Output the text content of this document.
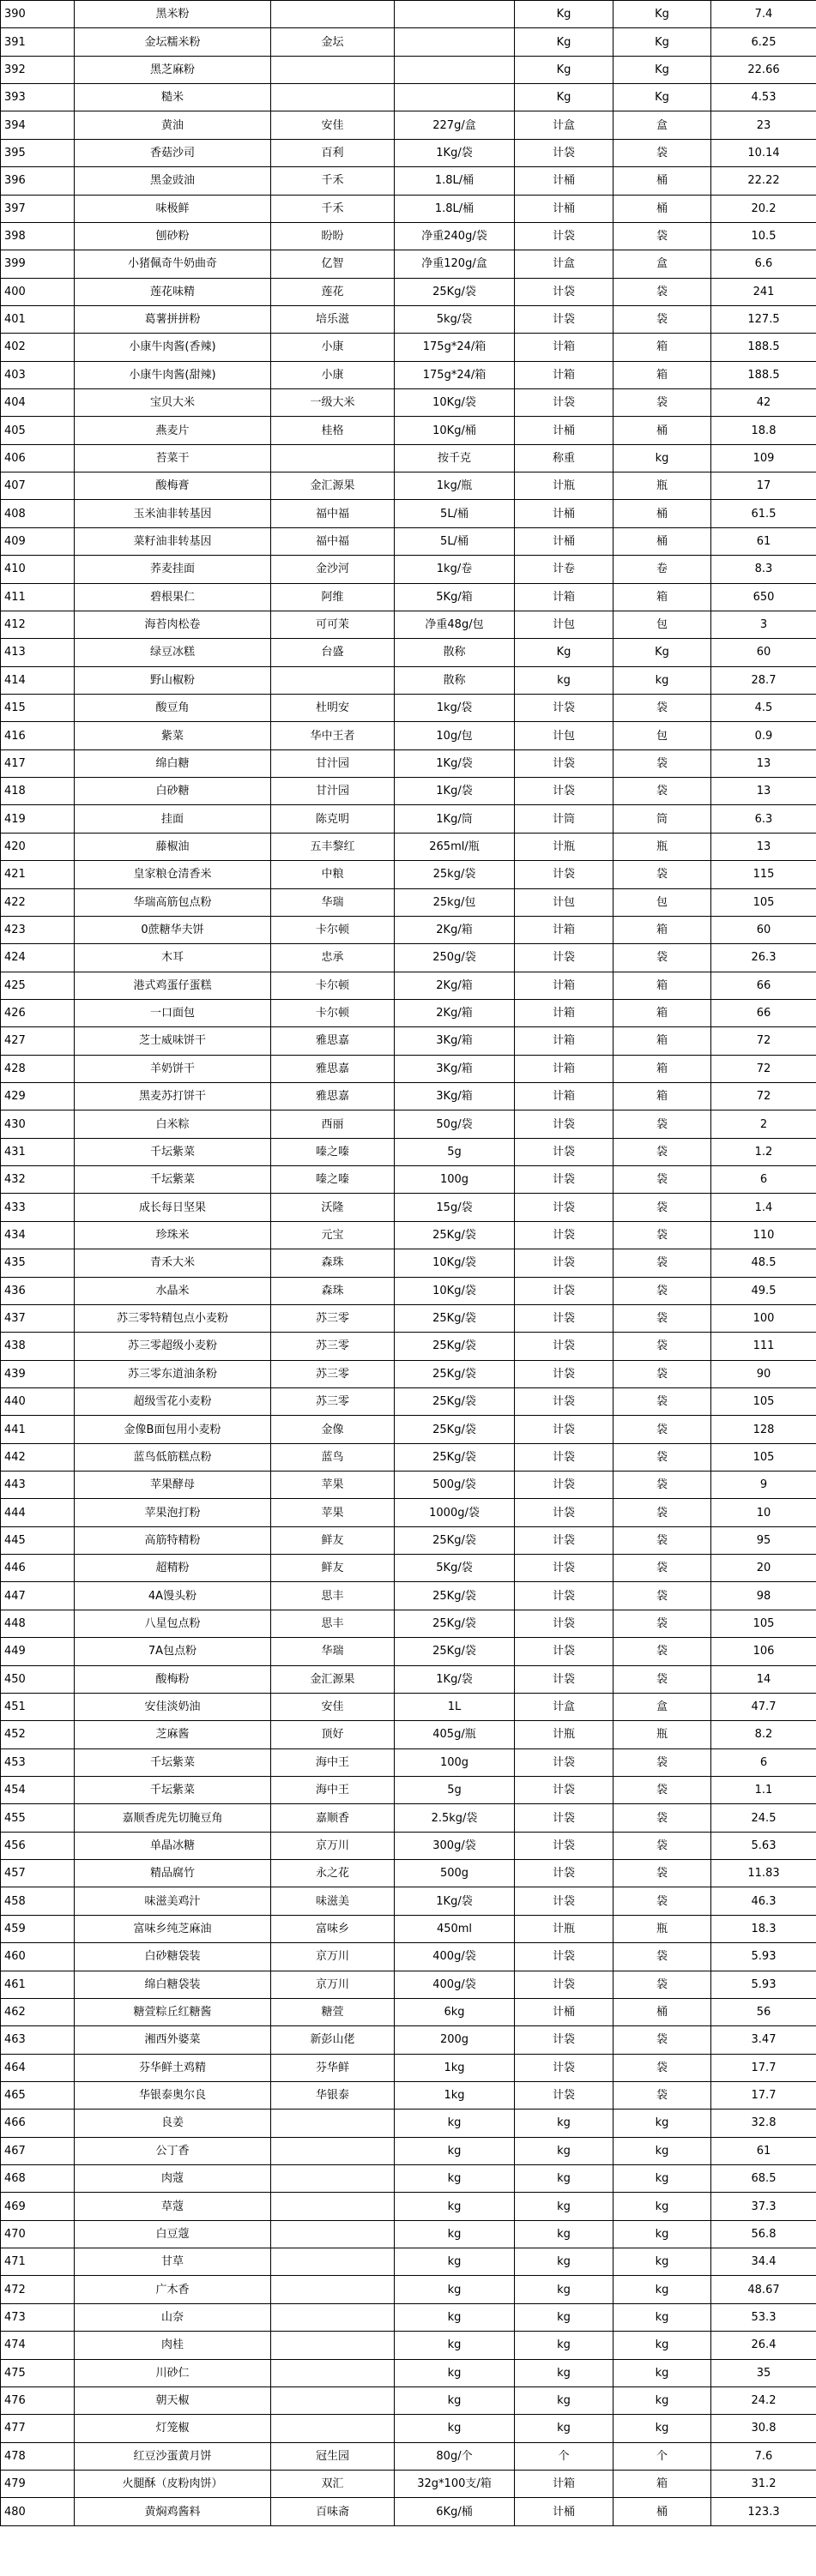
390	黑米粉			Kg	Kg	7.4
391	金坛糯米粉	金坛		Kg	Kg	6.25
392	黑芝麻粉			Kg	Kg	22.66
393	糙米			Kg	Kg	4.53
394	黄油	安佳	227g/盒	计盒	盒	23
395	香菇沙司	百利	1Kg/袋	计袋	袋	10.14
396	黑金豉油	千禾	1.8L/桶	计桶	桶	22.22
397	味极鲜	千禾	1.8L/桶	计桶	桶	20.2
398	刨砂粉	盼盼	净重240g/袋	计袋	袋	10.5
399	小猪佩奇牛奶曲奇	亿智	净重120g/盒	计盒	盒	6.6
400	莲花味精	莲花	25Kg/袋	计袋	袋	241
401	葛薯拼拼粉	培乐滋	5kg/袋	计袋	袋	127.5
402	小康牛肉酱(香辣)	小康	175g*24/箱	计箱	箱	188.5
403	小康牛肉酱(甜辣)	小康	175g*24/箱	计箱	箱	188.5
404	宝贝大米	一级大米	10Kg/袋	计袋	袋	42
405	燕麦片	桂格	10Kg/桶	计桶	桶	18.8
406	苔菜干		按千克	称重	kg	109
407	酸梅膏	金汇源果	1kg/瓶	计瓶	瓶	17
408	玉米油非转基因	福中福	5L/桶	计桶	桶	61.5
409	菜籽油非转基因	福中福	5L/桶	计桶	桶	61
410	荞麦挂面	金沙河	1kg/卷	计卷	卷	8.3
411	碧根果仁	阿维	5Kg/箱	计箱	箱	650
412	海苔肉松卷	可可茉	净重48g/包	计包	包	3
413	绿豆冰糕	台盛	散称	Kg	Kg	60
414	野山椒粉		散称	kg	kg	28.7
415	酸豆角	杜明安	1kg/袋	计袋	袋	4.5
416	紫菜	华中王者	10g/包	计包	包	0.9
417	绵白糖	甘汁园	1Kg/袋	计袋	袋	13
418	白砂糖	甘汁园	1Kg/袋	计袋	袋	13
419	挂面	陈克明	1Kg/筒	计筒	筒	6.3
420	藤椒油	五丰黎红	265ml/瓶	计瓶	瓶	13
421	皇家粮仓清香米	中粮	25kg/袋	计袋	袋	115
422	华瑞高筋包点粉	华瑞	25kg/包	计包	包	105
423	0蔗糖华夫饼	卡尔顿	2Kg/箱	计箱	箱	60
424	木耳	忠承	250g/袋	计袋	袋	26.3
425	港式鸡蛋仔蛋糕	卡尔顿	2Kg/箱	计箱	箱	66
426	一口面包	卡尔顿	2Kg/箱	计箱	箱	66
427	芝士威味饼干	雅思嘉	3Kg/箱	计箱	箱	72
428	羊奶饼干	雅思嘉	3Kg/箱	计箱	箱	72
429	黑麦苏打饼干	雅思嘉	3Kg/箱	计箱	箱	72
430	白米粽	西丽	50g/袋	计袋	袋	2
431	千坛紫菜	嗪之嗪	5g	计袋	袋	1.2
432	千坛紫菜	嗪之嗪	100g	计袋	袋	6
433	成长每日坚果	沃隆	15g/袋	计袋	袋	1.4
434	珍珠米	元宝	25Kg/袋	计袋	袋	110
435	青禾大米	森珠	10Kg/袋	计袋	袋	48.5
436	水晶米	森珠	10Kg/袋	计袋	袋	49.5
437	苏三零特精包点小麦粉	苏三零	25Kg/袋	计袋	袋	100
438	苏三零超级小麦粉	苏三零	25Kg/袋	计袋	袋	111
439	苏三零东道油条粉	苏三零	25Kg/袋	计袋	袋	90
440	超级雪花小麦粉	苏三零	25Kg/袋	计袋	袋	105
441	金像B面包用小麦粉	金像	25Kg/袋	计袋	袋	128
442	蓝鸟低筋糕点粉	蓝鸟	25Kg/袋	计袋	袋	105
443	苹果酵母	苹果	500g/袋	计袋	袋	9
444	苹果泡打粉	苹果	1000g/袋	计袋	袋	10
445	高筋特精粉	鲜友	25Kg/袋	计袋	袋	95
446	超精粉	鲜友	5Kg/袋	计袋	袋	20
447	4A馒头粉	思丰	25Kg/袋	计袋	袋	98
448	八星包点粉	思丰	25Kg/袋	计袋	袋	105
449	7A包点粉	华瑞	25Kg/袋	计袋	袋	106
450	酸梅粉	金汇源果	1Kg/袋	计袋	袋	14
451	安佳淡奶油	安佳	1L	计盒	盒	47.7
452	芝麻酱	顶好	405g/瓶	计瓶	瓶	8.2
453	千坛紫菜	海中王	100g	计袋	袋	6
454	千坛紫菜	海中王	5g	计袋	袋	1.1
455	嘉顺香虎先切腌豆角	嘉顺香	2.5kg/袋	计袋	袋	24.5
456	单晶冰糖	京万川	300g/袋	计袋	袋	5.63
457	精品腐竹	永之花	500g	计袋	袋	11.83
458	味滋美鸡汁	味滋美	1Kg/袋	计袋	袋	46.3
459	富味乡纯芝麻油	富味乡	450ml	计瓶	瓶	18.3
460	白砂糖袋装	京万川	400g/袋	计袋	袋	5.93
461	绵白糖袋装	京万川	400g/袋	计袋	袋	5.93
462	糖萱粽丘红糖酱	糖萱	6kg	计桶	桶	56
463	湘西外婆菜	新彭山佬	200g	计袋	袋	3.47
464	芬华鲜土鸡精	芬华鲜	1kg	计袋	袋	17.7
465	华银泰奥尔良	华银泰	1kg	计袋	袋	17.7
466	良姜		kg	kg	kg	32.8
467	公丁香		kg	kg	kg	61
468	肉蔻		kg	kg	kg	68.5
469	草蔻		kg	kg	kg	37.3
470	白豆蔻		kg	kg	kg	56.8
471	甘草		kg	kg	kg	34.4
472	广木香		kg	kg	kg	48.67
473	山奈		kg	kg	kg	53.3
474	肉桂		kg	kg	kg	26.4
475	川砂仁		kg	kg	kg	35
476	朝天椒		kg	kg	kg	24.2
477	灯笼椒		kg	kg	kg	30.8
478	红豆沙蛋黄月饼	冠生园	80g/个	个	个	7.6
479	火腿酥（皮粉肉饼）	双汇	32g*100支/箱	计箱	箱	31.2
480	黄焖鸡酱料	百味斋	6Kg/桶	计桶	桶	123.3
